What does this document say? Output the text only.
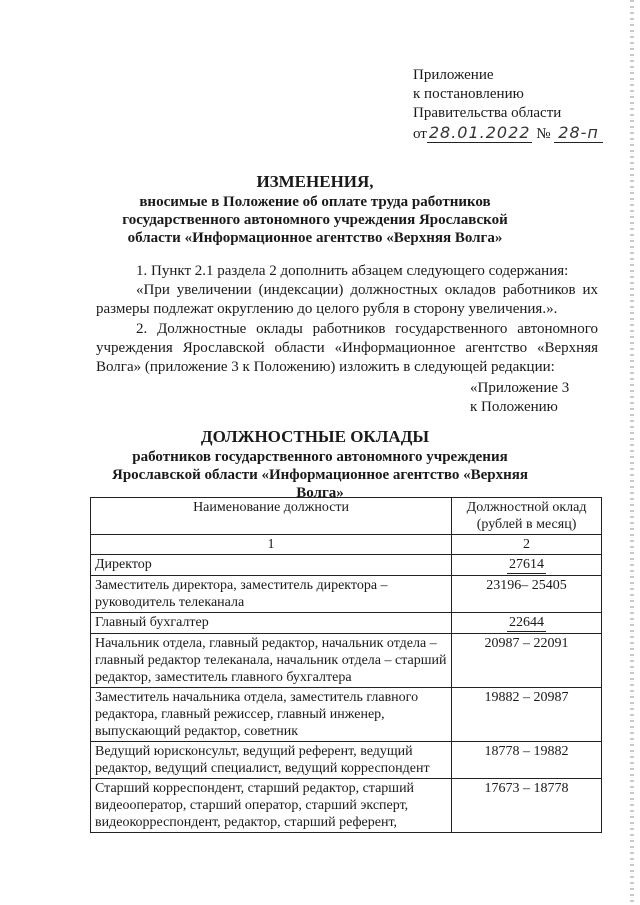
Приложение
к постановлению
Правительства области
от 28.01.2022 № 28-п
ИЗМЕНЕНИЯ,
вносимые в Положение об оплате труда работников государственного автономного учреждения Ярославской области «Информационное агентство «Верхняя Волга»
1. Пункт 2.1 раздела 2 дополнить абзацем следующего содержания:
«При увеличении (индексации) должностных окладов работников их размеры подлежат округлению до целого рубля в сторону увеличения.».
2. Должностные оклады работников государственного автономного учреждения Ярославской области «Информационное агентство «Верхняя Волга» (приложение 3 к Положению) изложить в следующей редакции:
«Приложение 3
к Положению
ДОЛЖНОСТНЫЕ ОКЛАДЫ
работников государственного автономного учреждения Ярославской области «Информационное агентство «Верхняя Волга»
Наименование должности	Должностной оклад (рублей в месяц)
1	2
Директор	27614
Заместитель директора, заместитель директора – руководитель телеканала	23196– 25405
Главный бухгалтер	22644
Начальник отдела, главный редактор, начальник отдела – главный редактор телеканала, начальник отдела – старший редактор, заместитель главного бухгалтера	20987 – 22091
Заместитель начальника отдела, заместитель главного редактора, главный режиссер, главный инженер, выпускающий редактор, советник	19882 – 20987
Ведущий юрисконсульт, ведущий референт, ведущий редактор, ведущий специалист, ведущий корреспондент	18778 – 19882
Старший корреспондент, старший редактор, старший видеооператор, старший оператор, старший эксперт, видеокорреспондент, редактор, старший референт,	17673 – 18778
